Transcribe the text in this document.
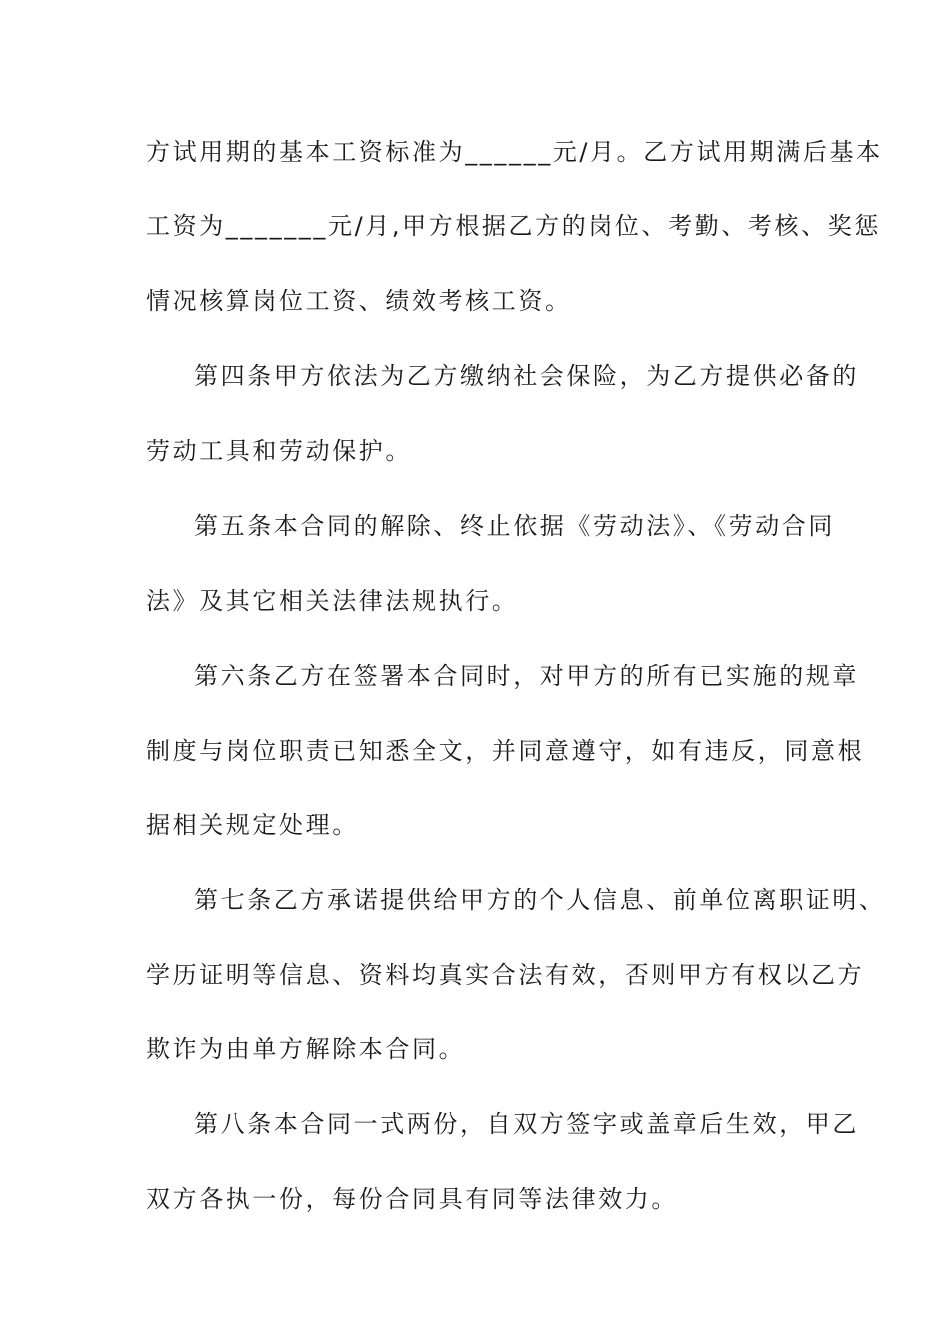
方试用期的基本工资标准为______元/月。乙方试用期满后基本
工资为_______元/月,甲方根据乙方的岗位、考勤、考核、奖惩
情况核算岗位工资、绩效考核工资。
第四条甲方依法为乙方缴纳社会保险，为乙方提供必备的
劳动工具和劳动保护。
第五条本合同的解除、终止依据《劳动法》、《劳动合同
法》及其它相关法律法规执行。
第六条乙方在签署本合同时，对甲方的所有已实施的规章
制度与岗位职责已知悉全文，并同意遵守，如有违反，同意根
据相关规定处理。
第七条乙方承诺提供给甲方的个人信息、前单位离职证明、
学历证明等信息、资料均真实合法有效，否则甲方有权以乙方
欺诈为由单方解除本合同。
第八条本合同一式两份，自双方签字或盖章后生效，甲乙
双方各执一份，每份合同具有同等法律效力。
